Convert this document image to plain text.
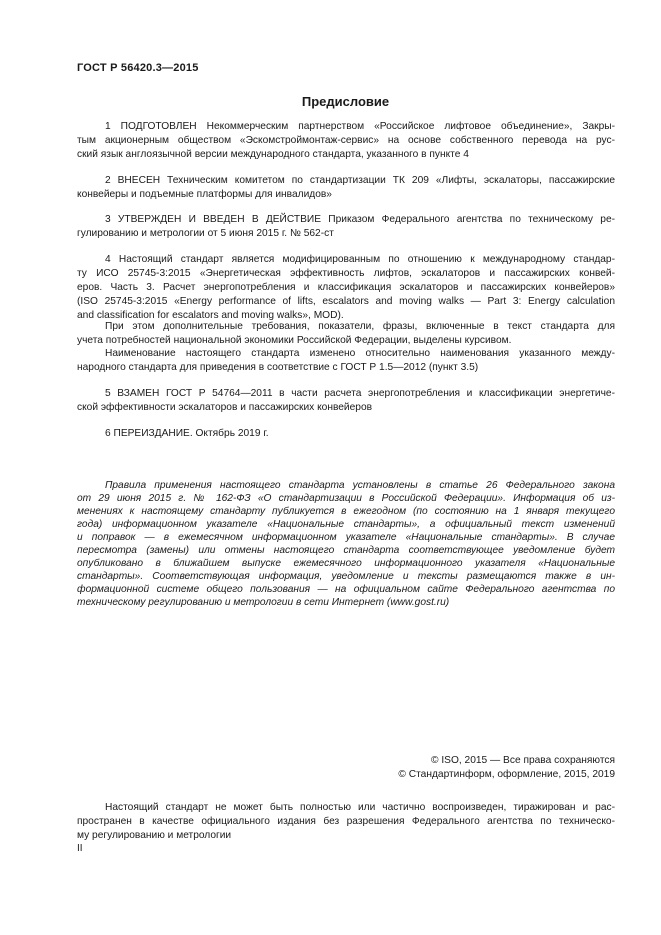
ГОСТ Р 56420.3—2015
Предисловие
1 ПОДГОТОВЛЕН Некоммерческим партнерством «Российское лифтовое объединение», Закры-
тым акционерным обществом «Эскомстроймонтаж-сервис» на основе собственного перевода на рус-
ский язык англоязычной версии международного стандарта, указанного в пункте 4
2 ВНЕСЕН Техническим комитетом по стандартизации ТК 209 «Лифты, эскалаторы, пассажирские
конвейеры и подъемные платформы для инвалидов»
3 УТВЕРЖДЕН И ВВЕДЕН В ДЕЙСТВИЕ Приказом Федерального агентства по техническому ре-
гулированию и метрологии от 5 июня 2015 г. № 562-ст
4 Настоящий стандарт является модифицированным по отношению к международному стандар-
ту ИСО 25745-3:2015 «Энергетическая эффективность лифтов, эскалаторов и пассажирских конвей-
еров. Часть 3. Расчет энергопотребления и классификация эскалаторов и пассажирских конвейеров»
(ISO 25745-3:2015 «Energy performance of lifts, escalators and moving walks — Part 3: Energy calculation
and classification for escalators and moving walks», MOD).
При этом дополнительные требования, показатели, фразы, включенные в текст стандарта для
учета потребностей национальной экономики Российской Федерации, выделены курсивом.
Наименование настоящего стандарта изменено относительно наименования указанного между-
народного стандарта для приведения в соответствие с ГОСТ Р 1.5—2012 (пункт 3.5)
5 ВЗАМЕН ГОСТ Р 54764—2011 в части расчета энергопотребления и классификации энергетиче-
ской эффективности эскалаторов и пассажирских конвейеров
6 ПЕРЕИЗДАНИЕ. Октябрь 2019 г.
Правила применения настоящего стандарта установлены в статье 26 Федерального закона
от 29 июня 2015 г. № 162-ФЗ «О стандартизации в Российской Федерации». Информация об из-
менениях к настоящему стандарту публикуется в ежегодном (по состоянию на 1 января текущего
года) информационном указателе «Национальные стандарты», а официальный текст изменений
и поправок — в ежемесячном информационном указателе «Национальные стандарты». В случае
пересмотра (замены) или отмены настоящего стандарта соответствующее уведомление будет
опубликовано в ближайшем выпуске ежемесячного информационного указателя «Национальные
стандарты». Соответствующая информация, уведомление и тексты размещаются также в ин-
формационной системе общего пользования — на официальном сайте Федерального агентства по
техническому регулированию и метрологии в сети Интернет (www.gost.ru)
© ISO, 2015 — Все права сохраняются
© Стандартинформ, оформление, 2015, 2019
Настоящий стандарт не может быть полностью или частично воспроизведен, тиражирован и рас-
пространен в качестве официального издания без разрешения Федерального агентства по техническо-
му регулированию и метрологии
II
